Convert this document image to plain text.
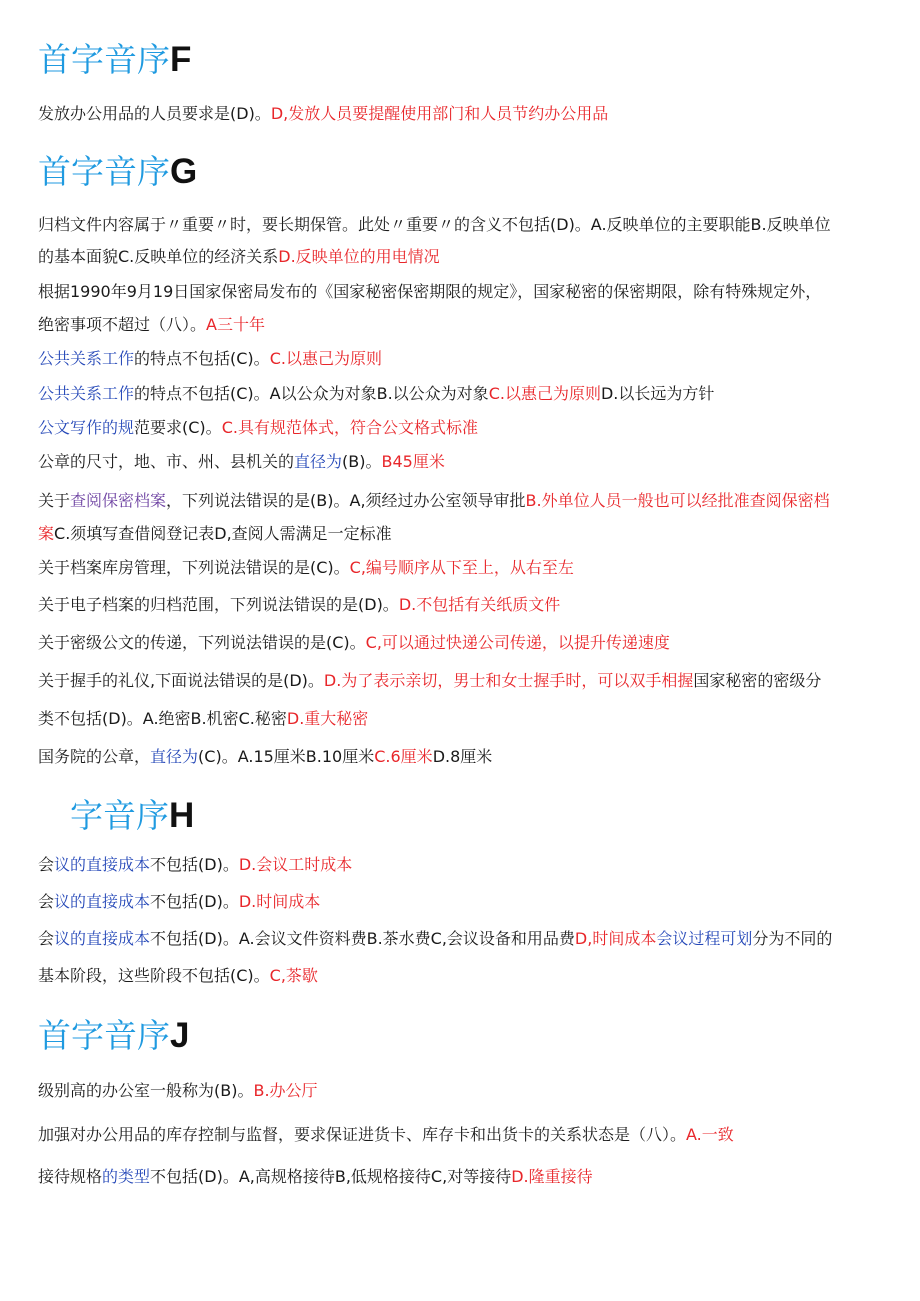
首字音序F
发放办公用品的人员要求是(D)。D,发放人员要提醒使用部门和人员节约办公用品
首字音序G
归档文件内容属于〃重要〃时，要长期保管。此处〃重要〃的含义不包括(D)。A.反映单位的主要职能B.反映单位
的基本面貌C.反映单位的经济关系D.反映单位的用电情况
根据1990年9月19日国家保密局发布的《国家秘密保密期限的规定》，国家秘密的保密期限，除有特殊规定外，
绝密事项不超过（八）。A三十年
公共关系工作的特点不包括(C)。C.以惠己为原则
公共关系工作的特点不包括(C)。A以公众为对象B.以公众为对象C.以惠己为原则D.以长远为方针
公文写作的规范要求(C)。C.具有规范体式，符合公文格式标准
公章的尺寸，地、市、州、县机关的直径为(B)。B45厘米
关于查阅保密档案，下列说法错误的是(B)。A,须经过办公室领导审批B.外单位人员一般也可以经批准查阅保密档
案C.须填写查借阅登记表D,查阅人需满足一定标准
关于档案库房管理，下列说法错误的是(C)。C,编号顺序从下至上，从右至左
关于电子档案的归档范围，下列说法错误的是(D)。D.不包括有关纸质文件
关于密级公文的传递，下列说法错误的是(C)。C,可以通过快递公司传递，以提升传递速度
关于握手的礼仪,下面说法错误的是(D)。D.为了表示亲切，男士和女士握手时，可以双手相握国家秘密的密级分
类不包括(D)。A.绝密B.机密C.秘密D.重大秘密
国务院的公章，直径为(C)。A.15厘米B.10厘米C.6厘米D.8厘米
字音序H
会议的直接成本不包括(D)。D.会议工时成本
会议的直接成本不包括(D)。D.时间成本
会议的直接成本不包括(D)。A.会议文件资料费B.茶水费C,会议设备和用品费D,时间成本会议过程可划分为不同的
基本阶段，这些阶段不包括(C)。C,茶歇
首字音序J
级别高的办公室一般称为(B)。B.办公厅
加强对办公用品的库存控制与监督，要求保证进货卡、库存卡和出货卡的关系状态是（八）。A.一致
接待规格的类型不包括(D)。A,高规格接待B,低规格接待C,对等接待D.隆重接待
